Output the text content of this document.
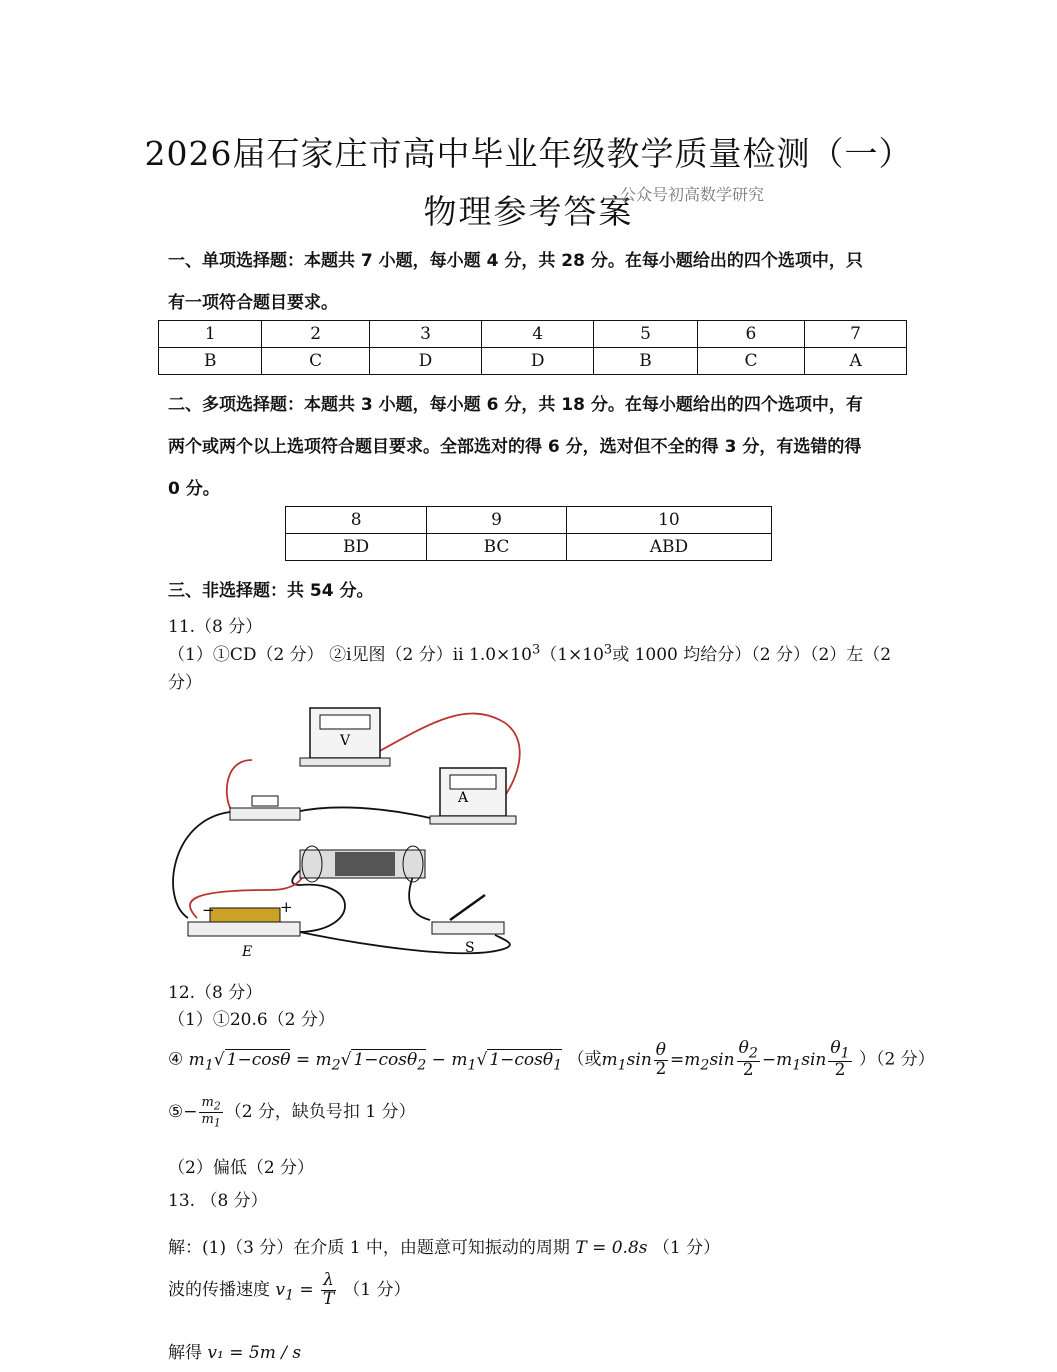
2026届石家庄市高中毕业年级教学质量检测（一）
物理参考答案
公众号初高数学研究
一、单项选择题：本题共 7 小题，每小题 4 分，共 28 分。在每小题给出的四个选项中，只
有一项符合题目要求。
1	2	3	4	5	6	7
B	C	D	D	B	C	A
二、多项选择题：本题共 3 小题，每小题 6 分，共 18 分。在每小题给出的四个选项中，有
两个或两个以上选项符合题目要求。全部选对的得 6 分，选对但不全的得 3 分，有选错的得
0 分。
8	9	10
BD	BC	ABD
三、非选择题：共 54 分。
11.（8 分）
（1）①CD（2 分） ②i见图（2 分）ii $1.0\times 10^3(1\times 10^3$或 1000 均给分）（2 分）（2）左（2
分）
V
A
−	+
E	S
12.（8 分）
（1）①20.6（2 分）
④ $m_1√$ $1-\cos\theta = m_2√$ $1-\cos\theta_2 - m_1√$ 1−cosθ$_1$ （或$m_1\sin \frac{\theta}{2} =m_2\sin \frac{\theta_2}{2} -m_1\sin \frac{\theta_1}{2} )(2$ 分）
⑤− $\frac{m_2}{m_1} (2$ 分，缺负号扣 1 分）
（2）偏低（2 分）
13. （8 分）
解：(1)（3 分）在介质 1 中，由题意可知振动的周期 T = 0.8s （1 分）
波的传播速度 $v_1 = \frac{\lambda}{T} (1$ 分）
解得 v₁ = 5m / s
